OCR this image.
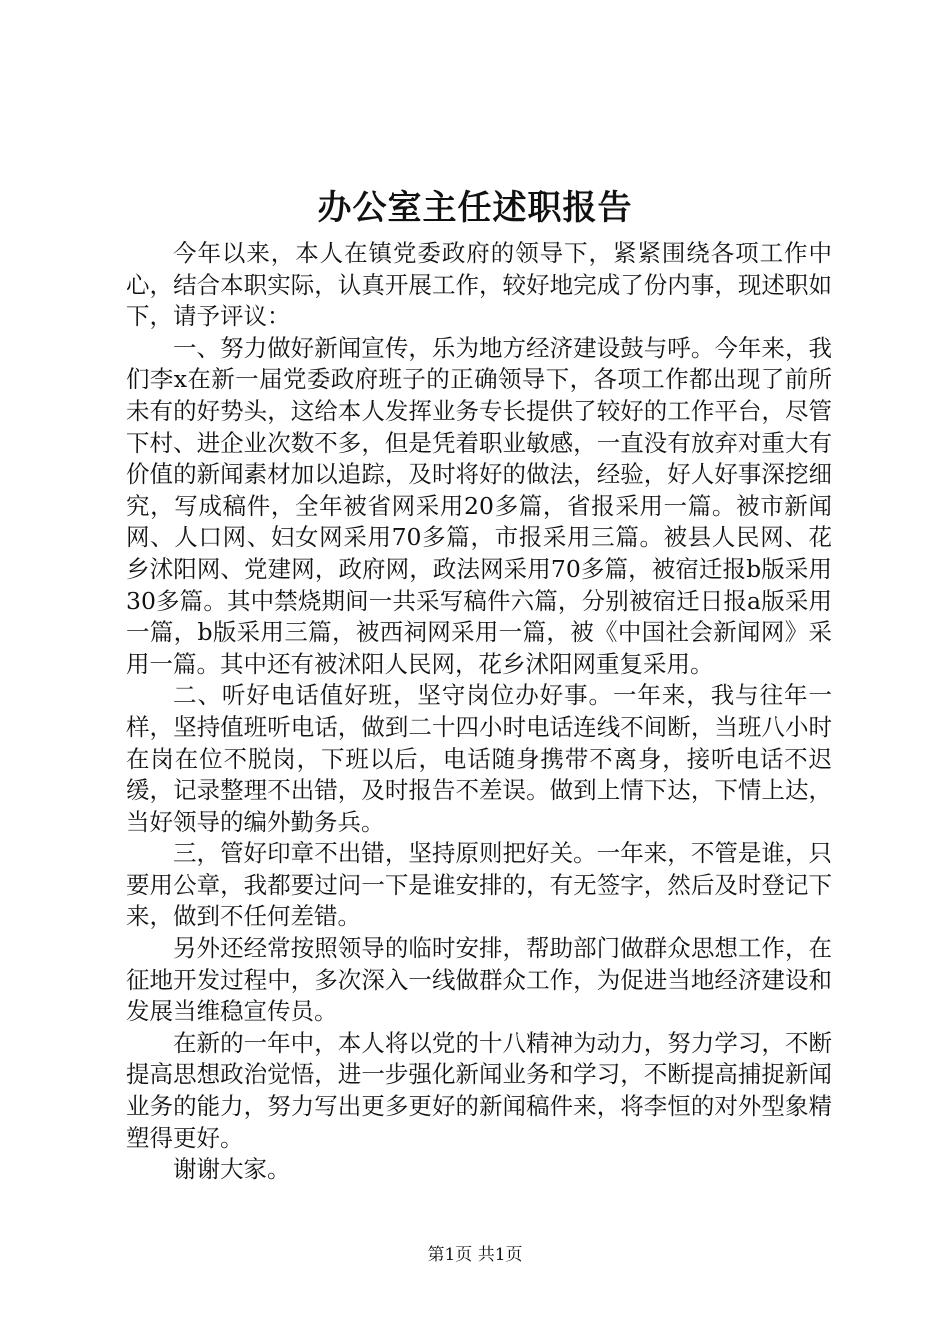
办公室主任述职报告

今年以来，本人在镇党委政府的领导下，紧紧围绕各项工作中心，结合本职实际，认真开展工作，较好地完成了份内事，现述职如下，请予评议：

一、努力做好新闻宣传，乐为地方经济建设鼓与呼。今年来，我们李x在新一届党委政府班子的正确领导下，各项工作都出现了前所未有的好势头，这给本人发挥业务专长提供了较好的工作平台，尽管下村、进企业次数不多，但是凭着职业敏感，一直没有放弃对重大有价值的新闻素材加以追踪，及时将好的做法，经验，好人好事深挖细究，写成稿件，全年被省网采用20多篇，省报采用一篇。被市新闻网、人口网、妇女网采用70多篇，市报采用三篇。被县人民网、花乡沭阳网、党建网，政府网，政法网采用70多篇，被宿迁报b版采用30多篇。其中禁烧期间一共采写稿件六篇，分别被宿迁日报a版采用一篇，b版采用三篇，被西祠网采用一篇，被《中国社会新闻网》采用一篇。其中还有被沭阳人民网，花乡沭阳网重复采用。

二、听好电话值好班，坚守岗位办好事。一年来，我与往年一样，坚持值班听电话，做到二十四小时电话连线不间断，当班八小时在岗在位不脱岗，下班以后，电话随身携带不离身，接听电话不迟缓，记录整理不出错，及时报告不差误。做到上情下达，下情上达，当好领导的编外勤务兵。

三，管好印章不出错，坚持原则把好关。一年来，不管是谁，只要用公章，我都要过问一下是谁安排的，有无签字，然后及时登记下来，做到不任何差错。

另外还经常按照领导的临时安排，帮助部门做群众思想工作，在征地开发过程中，多次深入一线做群众工作，为促进当地经济建设和发展当维稳宣传员。

在新的一年中，本人将以党的十八精神为动力，努力学习，不断提高思想政治觉悟，进一步强化新闻业务和学习，不断提高捕捉新闻业务的能力，努力写出更多更好的新闻稿件来，将李恒的对外型象精塑得更好。

谢谢大家。

第1页 共1页
